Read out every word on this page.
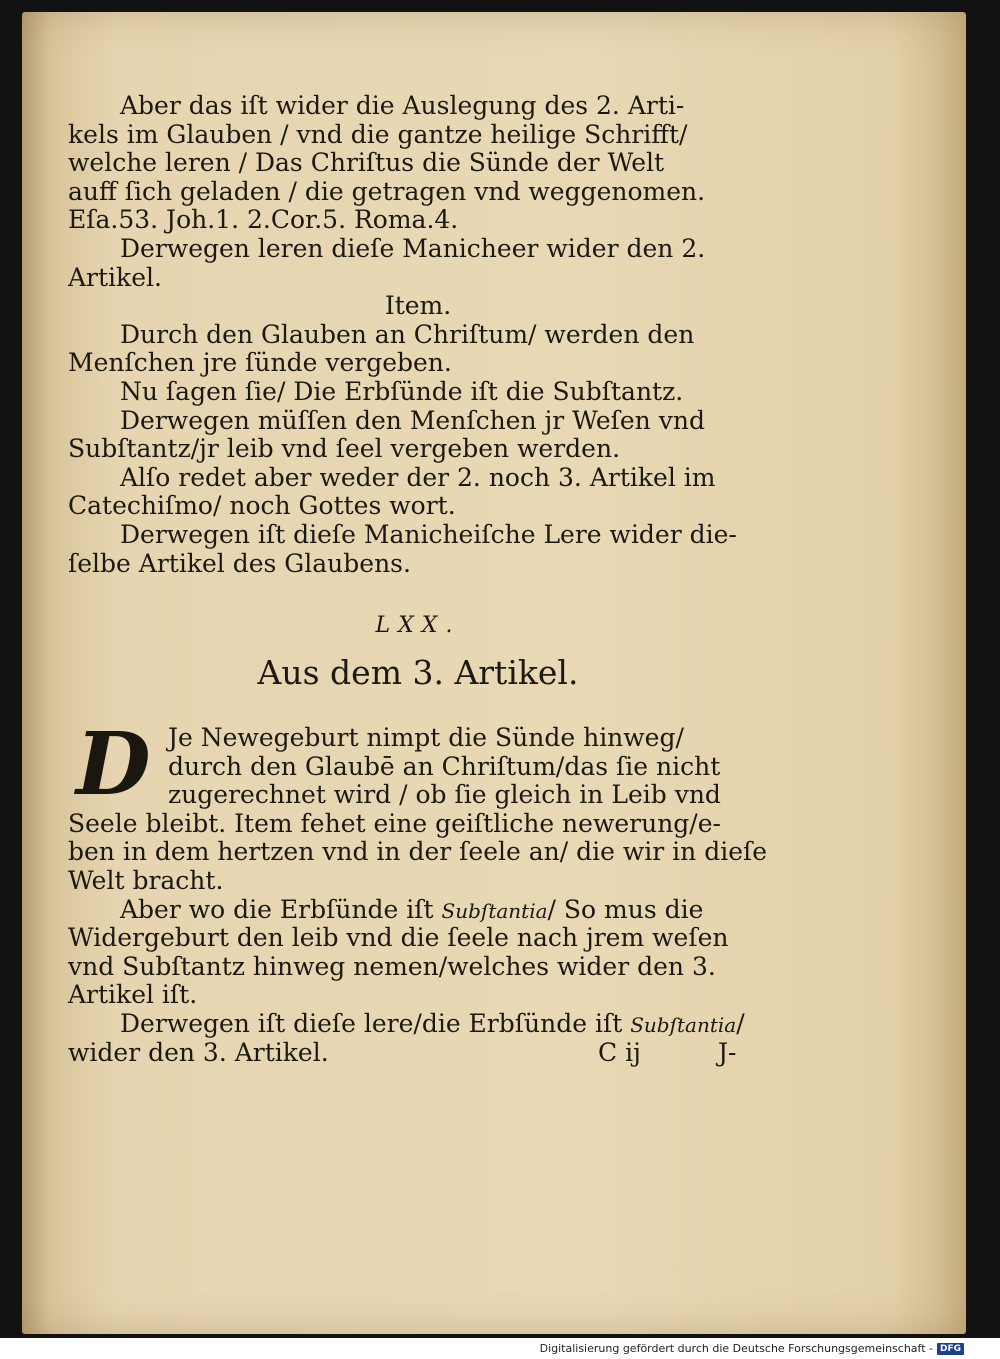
Aber das iſt wider die Auslegung des 2. Arti-
kels im Glauben / vnd die gantze heilige Schrifft/
welche leren / Das Chriſtus die Sünde der Welt
auff ſich geladen / die getragen vnd weggenomen.
Eſa.53. Joh.1. 2.Cor.5. Roma.4.
Derwegen leren dieſe Manicheer wider den 2.
Artikel.
Item.
Durch den Glauben an Chriſtum/ werden den
Menſchen jre ſünde vergeben.
Nu ſagen ſie/ Die Erbſünde iſt die Subſtantz.
Derwegen müſſen den Menſchen jr Weſen vnd
Subſtantz/jr leib vnd ſeel vergeben werden.
Alſo redet aber weder der 2. noch 3. Artikel im
Catechiſmo/ noch Gottes wort.
Derwegen iſt dieſe Manicheiſche Lere wider die-
ſelbe Artikel des Glaubens.
LXX.
Aus dem 3. Artikel.
D Je Newegeburt nimpt die Sünde hinweg/
durch den Glaubē an Chriſtum/das ſie nicht
zugerechnet wird / ob ſie gleich in Leib vnd
Seele bleibt. Item fehet eine geiſtliche newerung/e-
ben in dem hertzen vnd in der ſeele an/ die wir in dieſe
Welt bracht.
Aber wo die Erbſünde iſt Subſtantia/ So mus die
Widergeburt den leib vnd die ſeele nach jrem weſen
vnd Subſtantz hinweg nemen/welches wider den 3.
Artikel iſt.
Derwegen iſt dieſe lere/die Erbſünde iſt Subſtantia/
wider den 3. Artikel.	C ij	J-
Digitalisierung gefördert durch die Deutsche Forschungsgemeinschaft - DFG
